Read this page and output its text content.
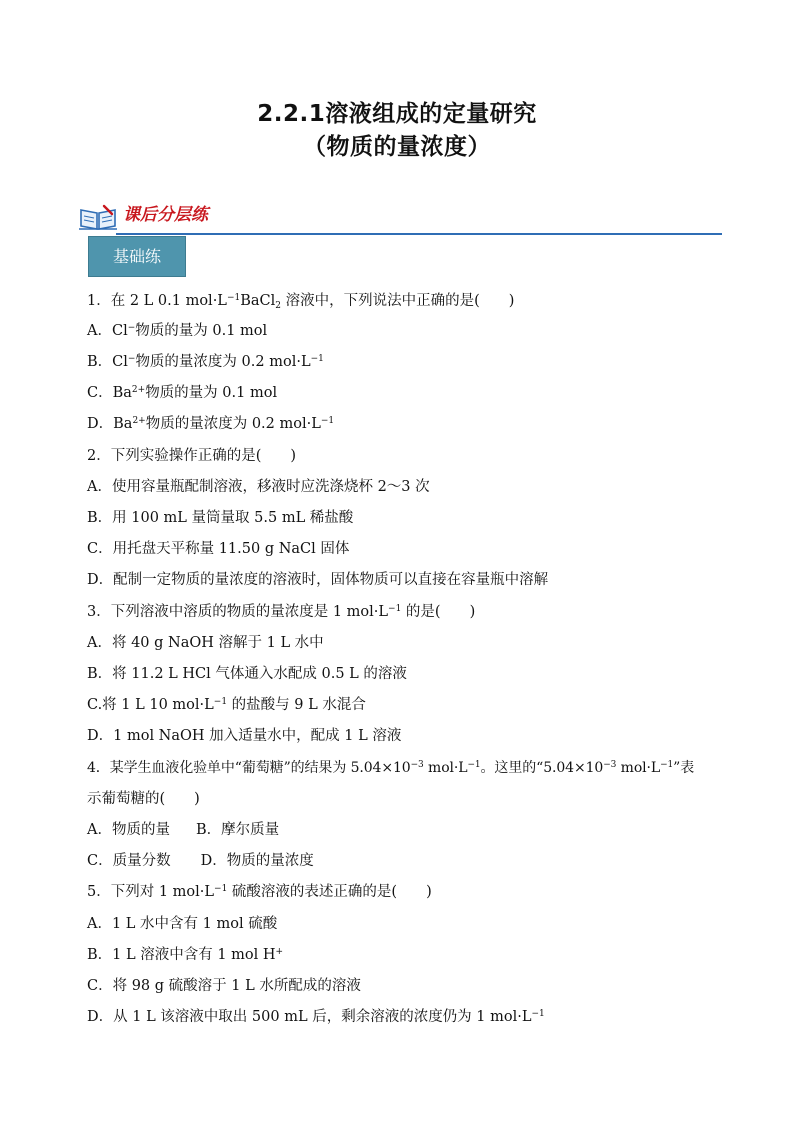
2.2.1溶液组成的定量研究
（物质的量浓度）
课后分层练
基础练
1．在 2 L 0.1 $mol\cdot L^{-1}BaCl_2$ 溶液中，下列说法中正确的是(　　)
A．Cl−物质的量为 0.1 mol
B．Cl−物质的量浓度为 0.2 $mol\cdot L^{-1}$
C．$Ba^{2+}$物质的量为 0.1 mol
D．$Ba^{2+}$物质的量浓度为 0.2 $mol\cdot L^{-1}$
2．下列实验操作正确的是(　　)
A．使用容量瓶配制溶液，移液时应洗涤烧杯 2～3 次
B．用 100 mL 量筒量取 5.5 mL 稀盐酸
C．用托盘天平称量 11.50 g NaCl 固体
D．配制一定物质的量浓度的溶液时，固体物质可以直接在容量瓶中溶解
3．下列溶液中溶质的物质的量浓度是 1 $mol\cdot L^{-1}$ 的是(　　)
A．将 40 g NaOH 溶解于 1 L 水中
B．将 11.2 L HCl 气体通入水配成 0.5 L 的溶液
C.将 1 L 10 $mol\cdot L^{-1}$ 的盐酸与 9 L 水混合
D．1 mol NaOH 加入适量水中，配成 1 L 溶液
4．某学生血液化验单中“葡萄糖”的结果为 $5.04\times 10^{-3}$ $mol\cdot L^{-1}$。这里的“$5.04\times 10^{-3}$ $mol\cdot L^{-1}$”表
示葡萄糖的(　　)
A．物质的量 B．摩尔质量
C．质量分数 D．物质的量浓度
5．下列对 1 $mol\cdot L^{-1}$ 硫酸溶液的表述正确的是(　　)
A．1 L 水中含有 1 mol 硫酸
B．1 L 溶液中含有 1 mol H+
C．将 98 g 硫酸溶于 1 L 水所配成的溶液
D．从 1 L 该溶液中取出 500 mL 后，剩余溶液的浓度仍为 1 $mol\cdot L^{-1}$
